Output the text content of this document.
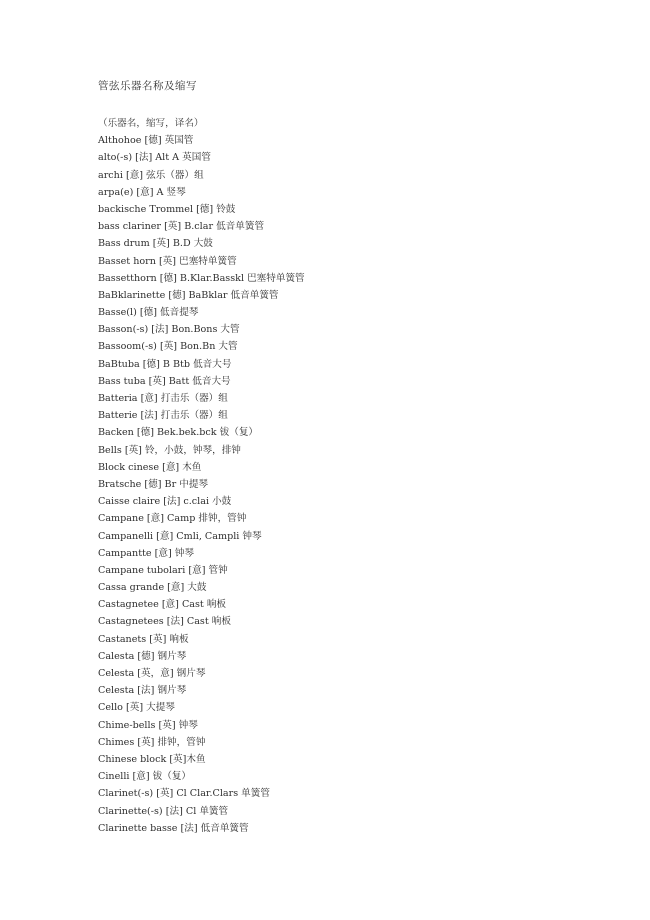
管弦乐器名称及缩写
（乐器名，缩写，译名）
Althohoe [德] 英国管
alto(-s) [法] Alt A 英国管
archi [意] 弦乐（器）组
arpa(e) [意] A 竖琴
backische Trommel [德] 铃鼓
bass clariner [英] B.clar 低音单簧管
Bass drum [英] B.D 大鼓
Basset horn [英] 巴塞特单簧管
Bassetthorn [德] B.Klar.Basskl 巴塞特单簧管
BaBklarinette [德] BaBklar 低音单簧管
Basse(l) [德] 低音提琴
Basson(-s) [法] Bon.Bons 大管
Bassoom(-s) [英] Bon.Bn 大管
BaBtuba [德] B Btb 低音大号
Bass tuba [英] Batt 低音大号
Batteria [意] 打击乐（器）组
Batterie [法] 打击乐（器）组
Backen [德] Bek.bek.bck 钹（复）
Bells [英] 铃，小鼓，钟琴，排钟
Block cinese [意] 木鱼
Bratsche [德] Br 中提琴
Caisse claire [法] c.clai 小鼓
Campane [意] Camp 排钟，管钟
Campanelli [意] Cmli, Campli 钟琴
Campantte [意] 钟琴
Campane tubolari [意] 管钟
Cassa grande [意] 大鼓
Castagnetee [意] Cast 响板
Castagnetees [法] Cast 响板
Castanets [英] 响板
Calesta [德] 钢片琴
Celesta [英，意] 钢片琴
Celesta [法] 钢片琴
Cello [英] 大提琴
Chime-bells [英] 钟琴
Chimes [英] 排钟，管钟
Chinese block [英]木鱼
Cinelli [意] 钹（复）
Clarinet(-s) [英] Cl Clar.Clars 单簧管
Clarinette(-s) [法] Cl 单簧管
Clarinette basse [法] 低音单簧管
